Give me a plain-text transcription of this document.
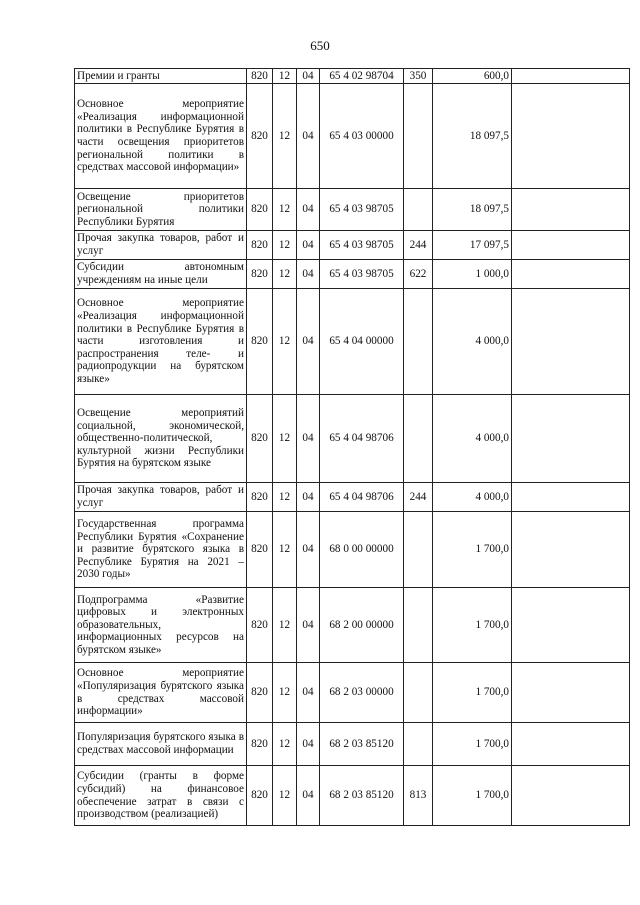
650
Премии и гранты	820	12	04	65 4 02 98704	350	600,0	
Основное мероприятие «Реализация информационной политики в Республике Бурятия в части освещения приоритетов региональной политики в средствах массовой информации»	820	12	04	65 4 03 00000		18 097,5	
Освещение приоритетов региональной политики Республики Бурятия	820	12	04	65 4 03 98705		18 097,5	
Прочая закупка товаров, работ и услуг	820	12	04	65 4 03 98705	244	17 097,5	
Субсидии автономным учреждениям на иные цели	820	12	04	65 4 03 98705	622	1 000,0	
Основное мероприятие «Реализация информационной политики в Республике Бурятия в части изготовления и распространения теле- и радиопродукции на бурятском языке»	820	12	04	65 4 04 00000		4 000,0	
Освещение мероприятий социальной, экономической, общественно-политической, культурной жизни Республики Бурятия на бурятском языке	820	12	04	65 4 04 98706		4 000,0	
Прочая закупка товаров, работ и услуг	820	12	04	65 4 04 98706	244	4 000,0	
Государственная программа Республики Бурятия «Сохранение и развитие бурятского языка в Республике Бурятия на 2021 – 2030 годы»	820	12	04	68 0 00 00000		1 700,0	
Подпрограмма «Развитие цифровых и электронных образовательных, информационных ресурсов на бурятском языке»	820	12	04	68 2 00 00000		1 700,0	
Основное мероприятие «Популяризация бурятского языка в средствах массовой информации»	820	12	04	68 2 03 00000		1 700,0	
Популяризация бурятского языка в средствах массовой информации	820	12	04	68 2 03 85120		1 700,0	
Субсидии (гранты в форме субсидий) на финансовое обеспечение затрат в связи с производством (реализацией)	820	12	04	68 2 03 85120	813	1 700,0	
